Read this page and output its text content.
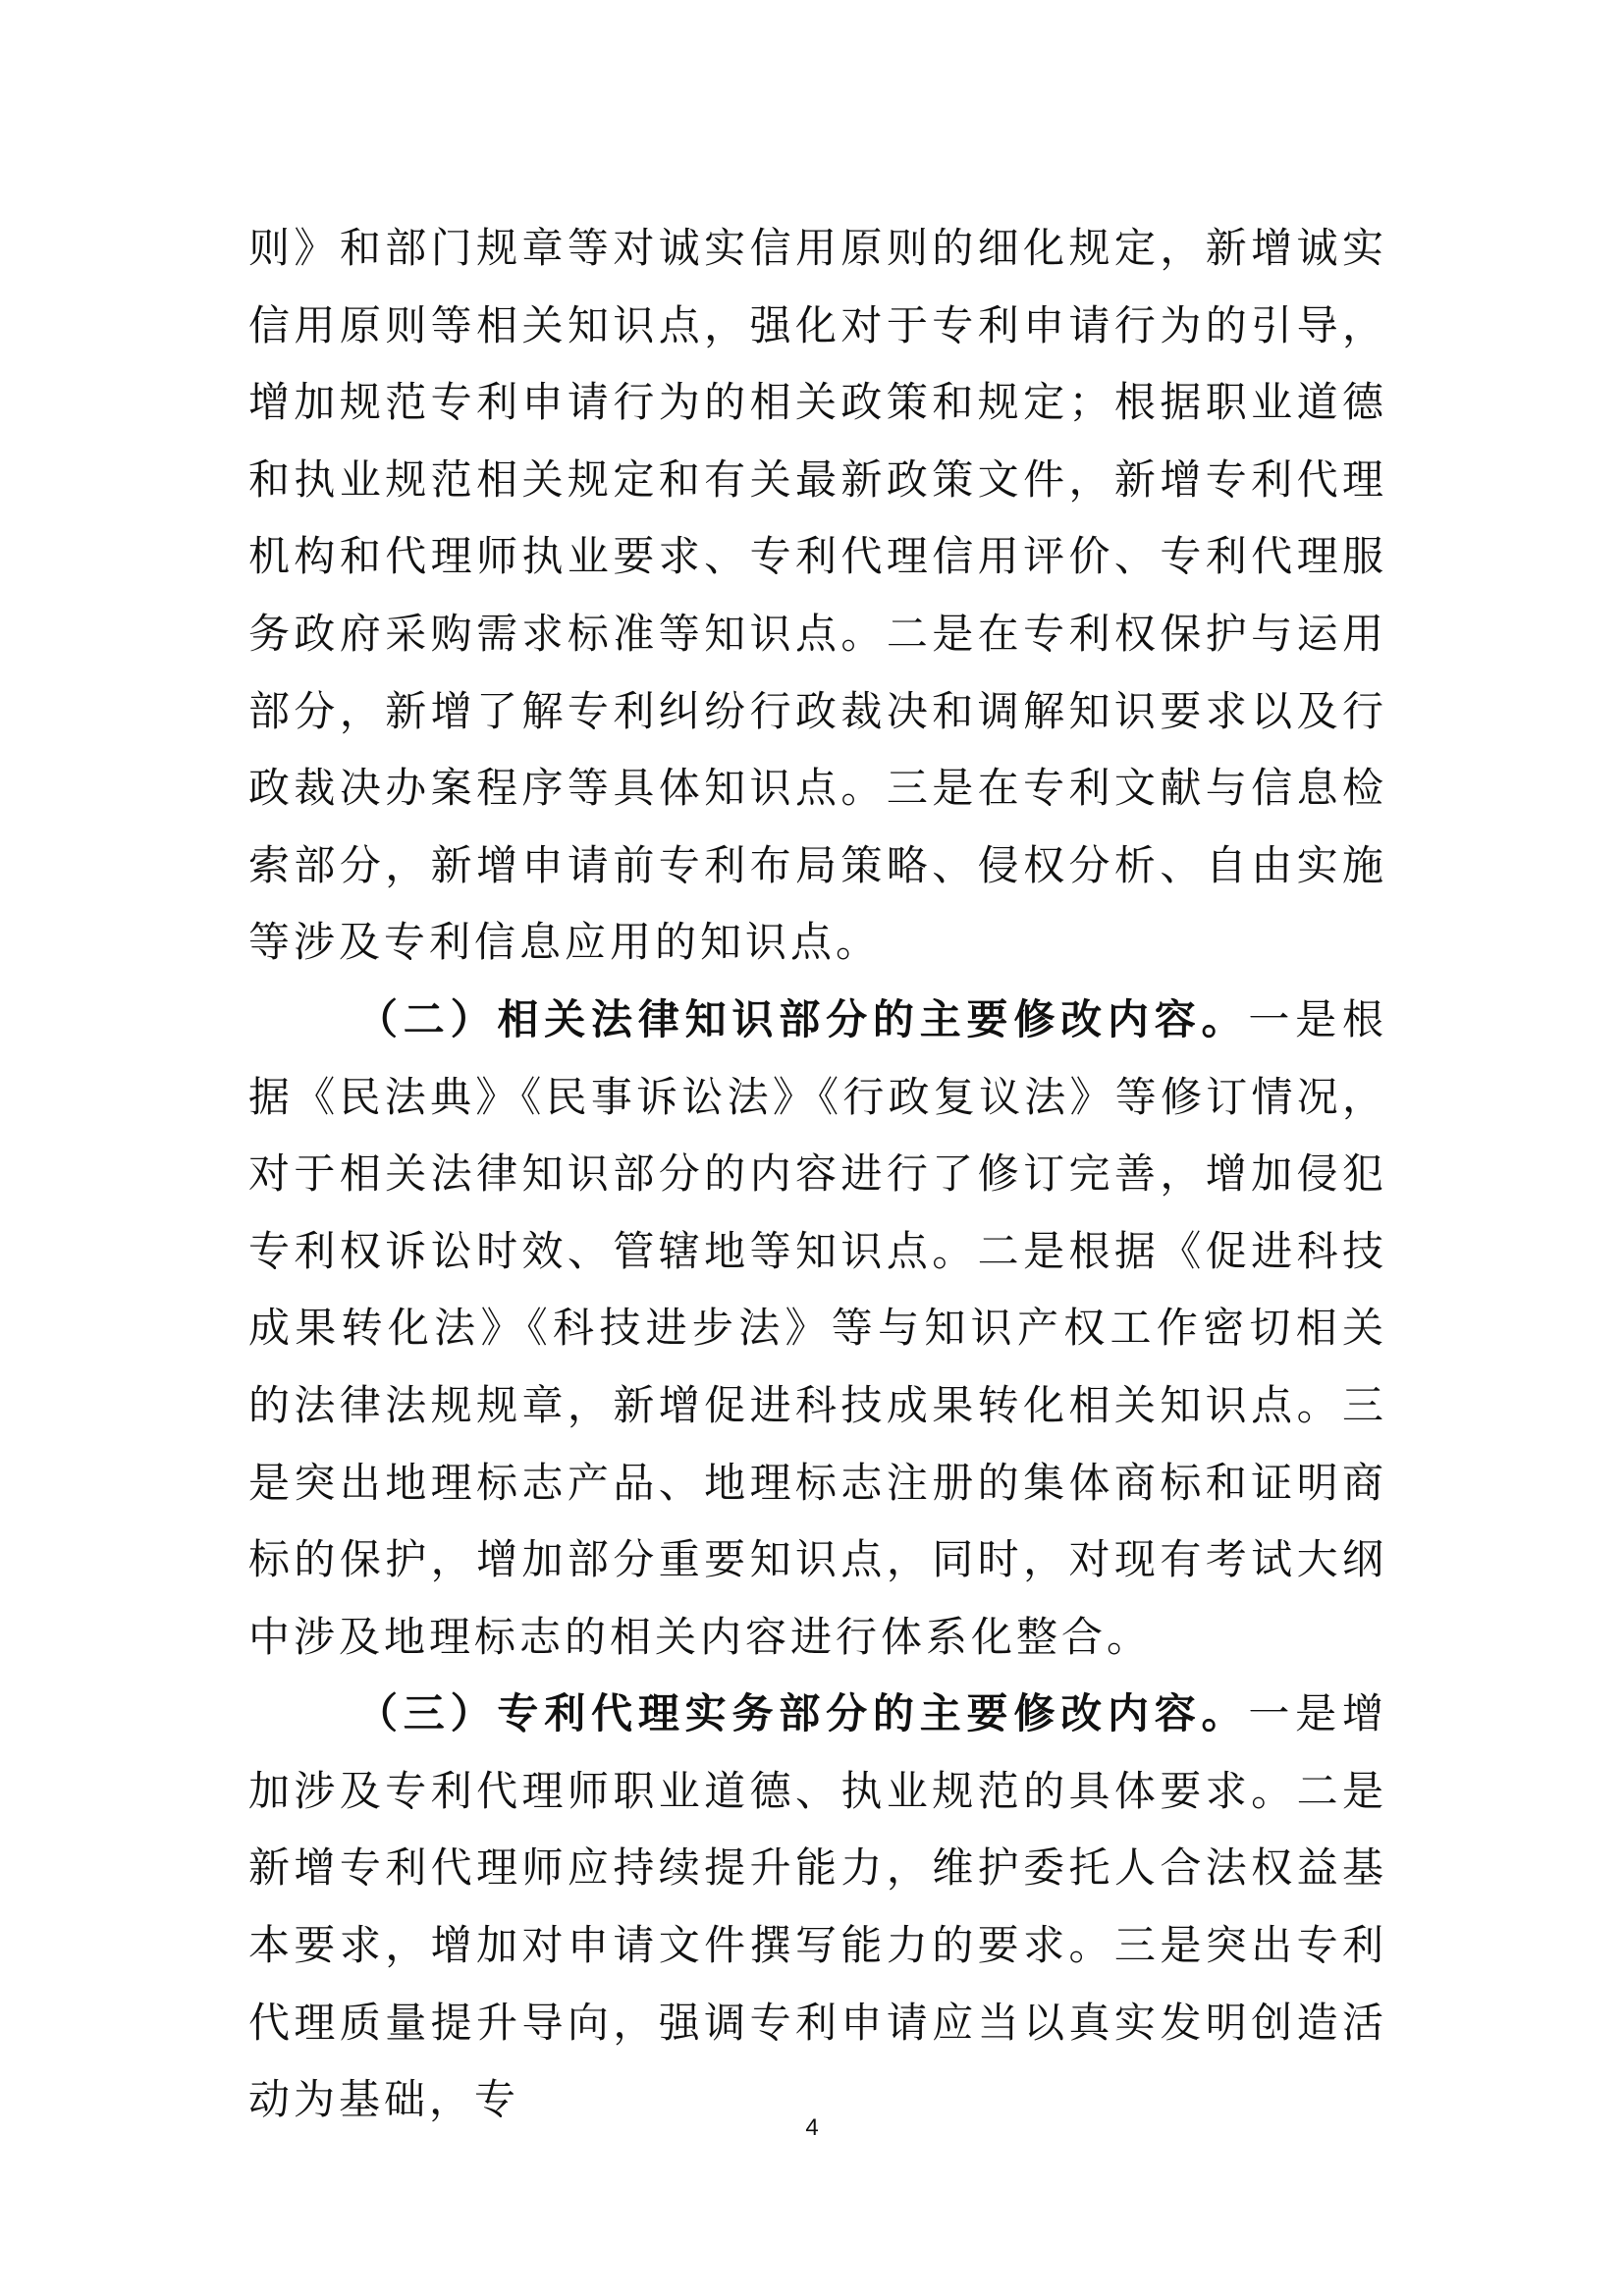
则》和部门规章等对诚实信用原则的细化规定，新增诚实信用原则等相关知识点，强化对于专利申请行为的引导，增加规范专利申请行为的相关政策和规定；根据职业道德和执业规范相关规定和有关最新政策文件，新增专利代理机构和代理师执业要求、专利代理信用评价、专利代理服务政府采购需求标准等知识点。二是在专利权保护与运用部分，新增了解专利纠纷行政裁决和调解知识要求以及行政裁决办案程序等具体知识点。三是在专利文献与信息检索部分，新增申请前专利布局策略、侵权分析、自由实施等涉及专利信息应用的知识点。

（二）相关法律知识部分的主要修改内容。一是根据《民法典》《民事诉讼法》《行政复议法》等修订情况，对于相关法律知识部分的内容进行了修订完善，增加侵犯专利权诉讼时效、管辖地等知识点。二是根据《促进科技成果转化法》《科技进步法》等与知识产权工作密切相关的法律法规规章，新增促进科技成果转化相关知识点。三是突出地理标志产品、地理标志注册的集体商标和证明商标的保护，增加部分重要知识点，同时，对现有考试大纲中涉及地理标志的相关内容进行体系化整合。

（三）专利代理实务部分的主要修改内容。一是增加涉及专利代理师职业道德、执业规范的具体要求。二是新增专利代理师应持续提升能力，维护委托人合法权益基本要求，增加对申请文件撰写能力的要求。三是突出专利代理质量提升导向，强调专利申请应当以真实发明创造活动为基础，专

4
